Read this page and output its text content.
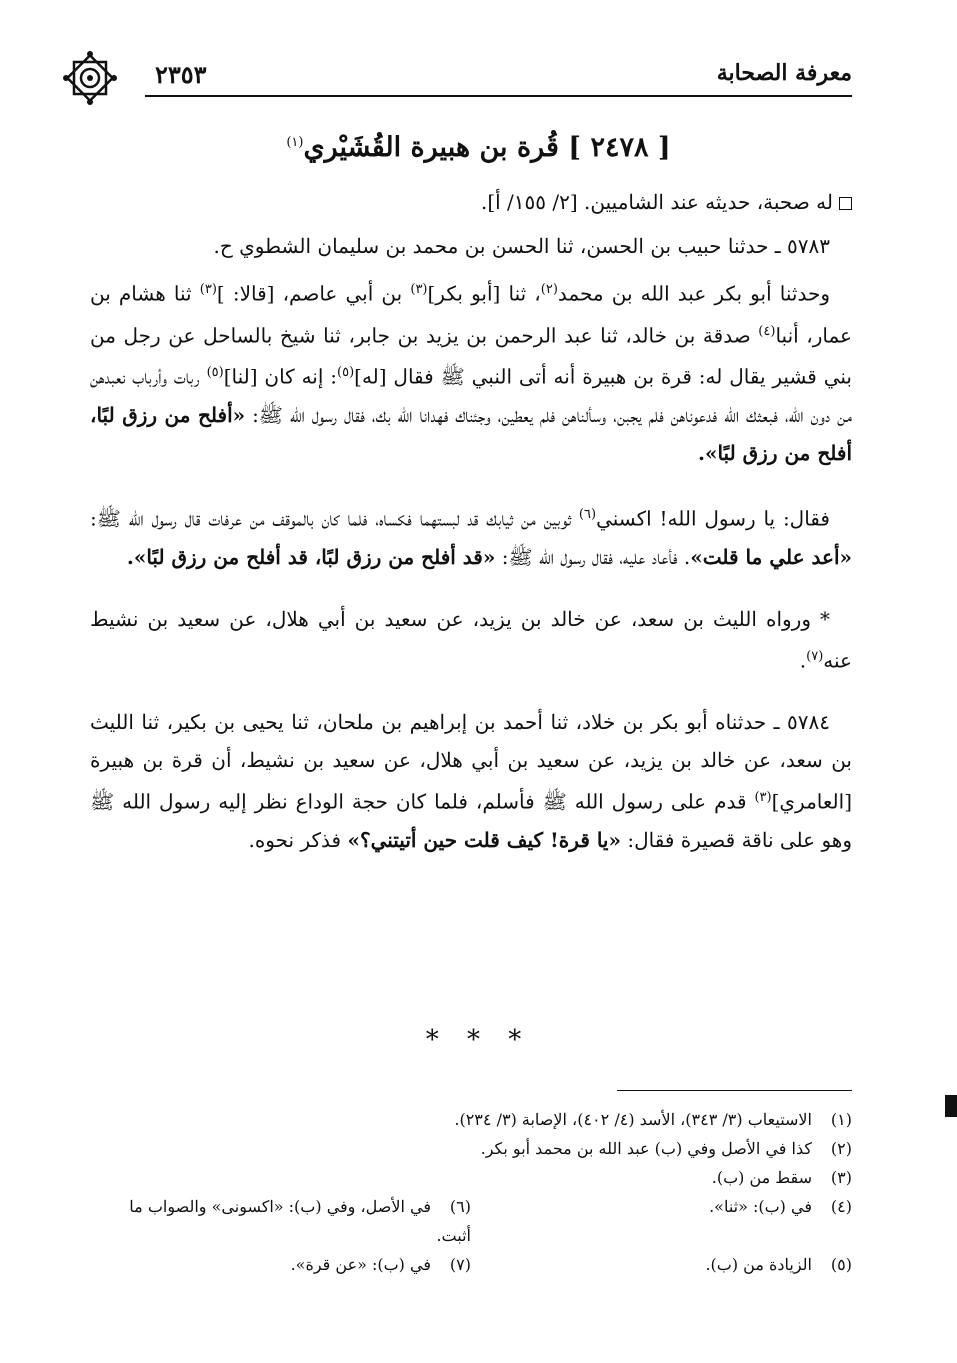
معرفة الصحابة
٢٣٥٣
[ ٢٤٧٨ ] قُرة بن هبيرة القُشَيْري$^{(١)}$

له صحبة، حديثه عند الشاميين. [٢/ ١٥٥/ أ].

٥٧٨٣ ـ حدثنا حبيب بن الحسن، ثنا الحسن بن محمد بن سليمان الشطوي ح.

وحدثنا أبو بكر عبد الله بن محمد$^{(٢)}$، ثنا [أبو بكر]$^{(٣)}$ بن أبي عاصم، [قالا: ]$^{(٣)}$ ثنا هشام بن عمار، أنبا$^{(٤)}$ صدقة بن خالد، ثنا عبد الرحمن بن يزيد بن جابر، ثنا شيخ بالساحل عن رجل من بني قشير يقال له: قرة بن هبيرة أنه أتى النبي ﷺ فقال [له]$^{(٥)}$: إنه كان [لنا]$^{(٥)}$ ربات وأرباب نعبدهن من دون الله، فبعثك الله فدعوناهن فلم يجبن، وسألناهن فلم يعطين، وجئناك فهدانا الله بك، فقال رسول الله ﷺ: «أفلح من رزق لبًا، أفلح من رزق لبًا».

فقال: يا رسول الله! اكسني$^{(٦)}$ ثوبين من ثيابك قد لبستهما فكساه، فلما كان بالموقف من عرفات قال رسول الله ﷺ: «أعد علي ما قلت». فأعاد عليه، فقال رسول الله ﷺ: «قد أفلح من رزق لبًا، قد أفلح من رزق لبًا».

* ورواه الليث بن سعد، عن خالد بن يزيد، عن سعيد بن أبي هلال، عن سعيد بن نشيط عنه$^{(٧)}$.

٥٧٨٤ ـ حدثناه أبو بكر بن خلاد، ثنا أحمد بن إبراهيم بن ملحان، ثنا يحيى بن بكير، ثنا الليث بن سعد، عن خالد بن يزيد، عن سعيد بن أبي هلال، عن سعيد بن نشيط، أن قرة بن هبيرة [العامري]$^{(٣)}$ قدم على رسول الله ﷺ فأسلم، فلما كان حجة الوداع نظر إليه رسول الله ﷺ وهو على ناقة قصيرة فقال: «يا قرة! كيف قلت حين أتيتني؟» فذكر نحوه.

* * *
(١)الاستيعاب (٣/ ٣٤٣)، الأسد (٤/ ٤٠٢)، الإصابة (٣/ ٢٣٤).
(٢)كذا في الأصل وفي (ب) عبد الله بن محمد أبو بكر.
(٣)سقط من (ب).
(٤)في (ب): «ثنا».
(٦)في الأصل، وفي (ب): «اكسونى» والصواب ما أثبت.
(٥)الزيادة من (ب).
(٧)في (ب): «عن قرة».
